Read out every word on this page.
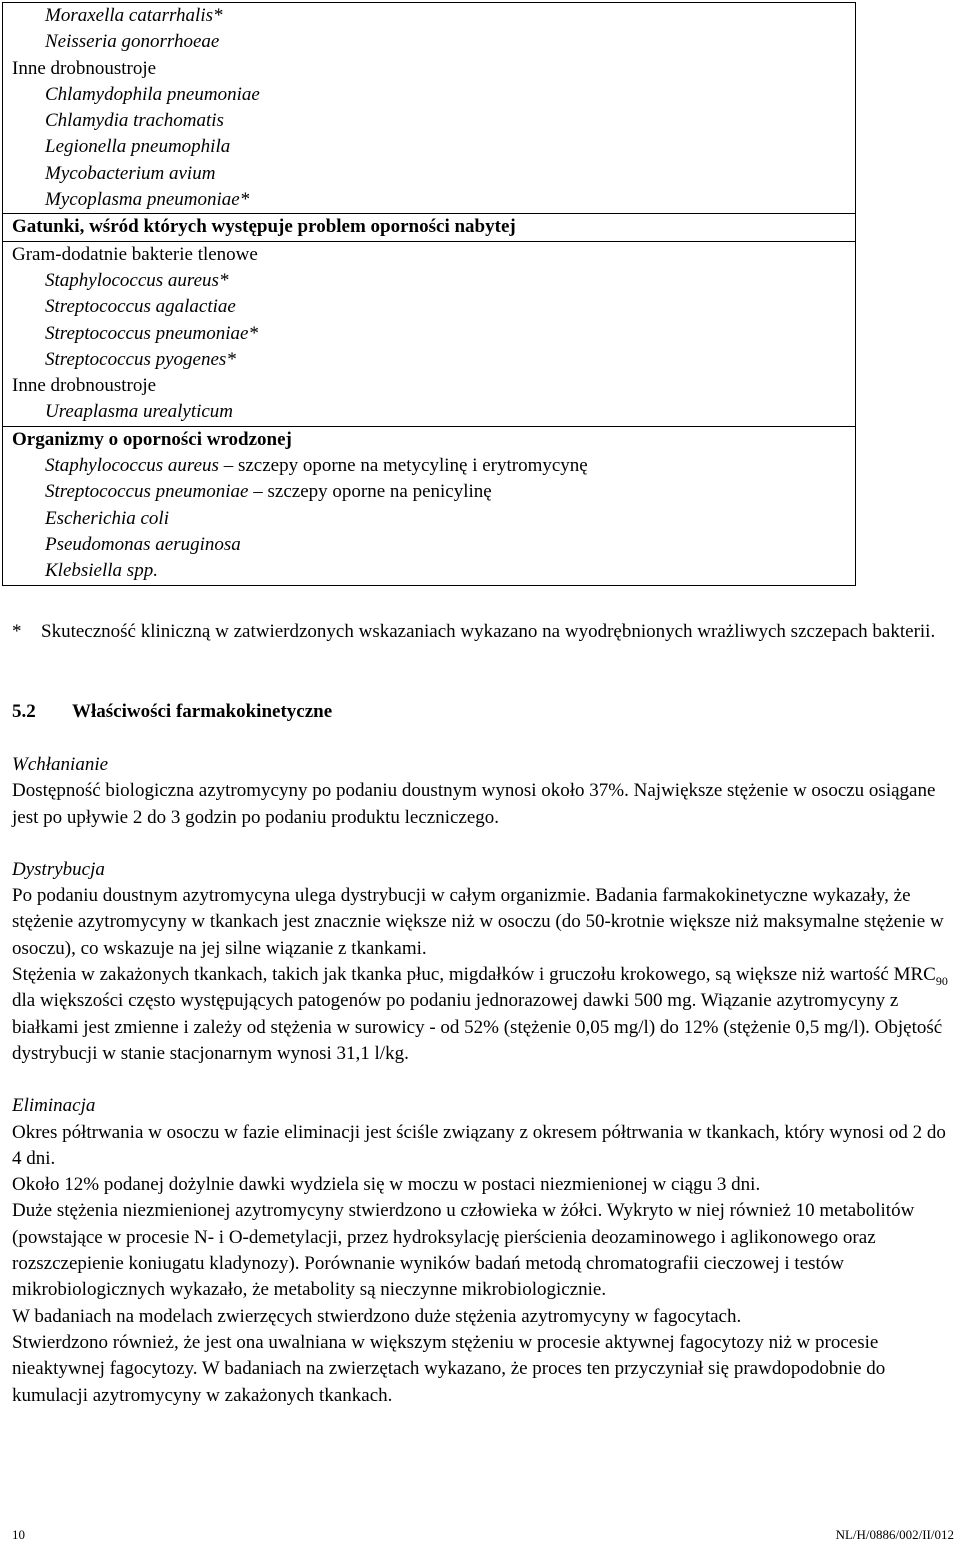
Moraxella catarrhalis*
Neisseria gonorrhoeae
Inne drobnoustroje
Chlamydophila pneumoniae
Chlamydia trachomatis
Legionella pneumophila
Mycobacterium avium
Mycoplasma pneumoniae*

Gatunki, wśród których występuje problem oporności nabytej

Gram-dodatnie bakterie tlenowe
Staphylococcus aureus*
Streptococcus agalactiae
Streptococcus pneumoniae*
Streptococcus pyogenes*
Inne drobnoustroje
Ureaplasma urealyticum

Organizmy o oporności wrodzonej
Staphylococcus aureus – szczepy oporne na metycylinę i erytromycynę
Streptococcus pneumoniae – szczepy oporne na penicylinę
Escherichia coli
Pseudomonas aeruginosa
Klebsiella spp.
* Skuteczność kliniczną w zatwierdzonych wskazaniach wykazano na wyodrębnionych wrażliwych szczepach bakterii.
5.2 Właściwości farmakokinetyczne

Wchłanianie

Dostępność biologiczna azytromycyny po podaniu doustnym wynosi około 37%. Największe stężenie w osoczu osiągane jest po upływie 2 do 3 godzin po podaniu produktu leczniczego.

Dystrybucja

Po podaniu doustnym azytromycyna ulega dystrybucji w całym organizmie. Badania farmakokinetyczne wykazały, że stężenie azytromycyny w tkankach jest znacznie większe niż w osoczu (do 50-krotnie większe niż maksymalne stężenie w osoczu), co wskazuje na jej silne wiązanie z tkankami.

Stężenia w zakażonych tkankach, takich jak tkanka płuc, migdałków i gruczołu krokowego, są większe niż wartość $MRC_{90}$ dla większości często występujących patogenów po podaniu jednorazowej dawki 500 mg. Wiązanie azytromycyny z białkami jest zmienne i zależy od stężenia w surowicy - od 52% (stężenie 0,05 mg/l) do 12% (stężenie 0,5 mg/l). Objętość dystrybucji w stanie stacjonarnym wynosi 31,1 l/kg.

Eliminacja

Okres półtrwania w osoczu w fazie eliminacji jest ściśle związany z okresem półtrwania w tkankach, który wynosi od 2 do 4 dni.

Około 12% podanej dożylnie dawki wydziela się w moczu w postaci niezmienionej w ciągu 3 dni.

Duże stężenia niezmienionej azytromycyny stwierdzono u człowieka w żółci. Wykryto w niej również 10 metabolitów (powstające w procesie N- i O-demetylacji, przez hydroksylację pierścienia deozaminowego i aglikonowego oraz rozszczepienie koniugatu kladynozy). Porównanie wyników badań metodą chromatografii cieczowej i testów mikrobiologicznych wykazało, że metabolity są nieczynne mikrobiologicznie.

W badaniach na modelach zwierzęcych stwierdzono duże stężenia azytromycyny w fagocytach.

Stwierdzono również, że jest ona uwalniana w większym stężeniu w procesie aktywnej fagocytozy niż w procesie nieaktywnej fagocytozy. W badaniach na zwierzętach wykazano, że proces ten przyczyniał się prawdopodobnie do kumulacji azytromycyny w zakażonych tkankach.

10	NL/H/0886/002/II/012
